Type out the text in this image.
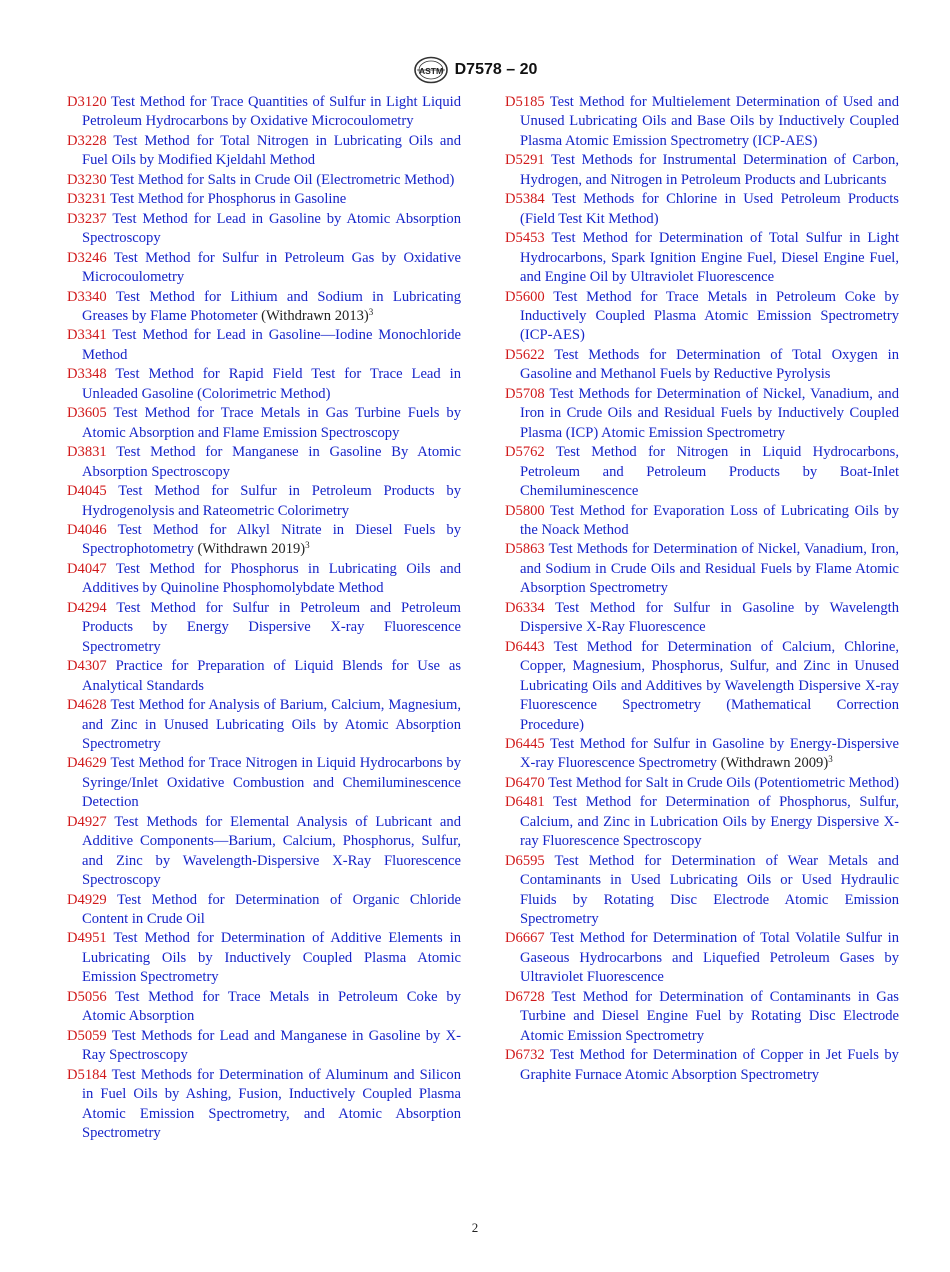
ASTM D7578 – 20
D3120 Test Method for Trace Quantities of Sulfur in Light Liquid Petroleum Hydrocarbons by Oxidative Microcoulometry
D3228 Test Method for Total Nitrogen in Lubricating Oils and Fuel Oils by Modified Kjeldahl Method
D3230 Test Method for Salts in Crude Oil (Electrometric Method)
D3231 Test Method for Phosphorus in Gasoline
D3237 Test Method for Lead in Gasoline by Atomic Absorption Spectroscopy
D3246 Test Method for Sulfur in Petroleum Gas by Oxidative Microcoulometry
D3340 Test Method for Lithium and Sodium in Lubricating Greases by Flame Photometer (Withdrawn 2013)$^3$
D3341 Test Method for Lead in Gasoline—Iodine Monochloride Method
D3348 Test Method for Rapid Field Test for Trace Lead in Unleaded Gasoline (Colorimetric Method)
D3605 Test Method for Trace Metals in Gas Turbine Fuels by Atomic Absorption and Flame Emission Spectroscopy
D3831 Test Method for Manganese in Gasoline By Atomic Absorption Spectroscopy
D4045 Test Method for Sulfur in Petroleum Products by Hydrogenolysis and Rateometric Colorimetry
D4046 Test Method for Alkyl Nitrate in Diesel Fuels by Spectrophotometry (Withdrawn 2019)$^3$
D4047 Test Method for Phosphorus in Lubricating Oils and Additives by Quinoline Phosphomolybdate Method
D4294 Test Method for Sulfur in Petroleum and Petroleum Products by Energy Dispersive X-ray Fluorescence Spectrometry
D4307 Practice for Preparation of Liquid Blends for Use as Analytical Standards
D4628 Test Method for Analysis of Barium, Calcium, Magnesium, and Zinc in Unused Lubricating Oils by Atomic Absorption Spectrometry
D4629 Test Method for Trace Nitrogen in Liquid Hydrocarbons by Syringe/Inlet Oxidative Combustion and Chemiluminescence Detection
D4927 Test Methods for Elemental Analysis of Lubricant and Additive Components—Barium, Calcium, Phosphorus, Sulfur, and Zinc by Wavelength-Dispersive X-Ray Fluorescence Spectroscopy
D4929 Test Method for Determination of Organic Chloride Content in Crude Oil
D4951 Test Method for Determination of Additive Elements in Lubricating Oils by Inductively Coupled Plasma Atomic Emission Spectrometry
D5056 Test Method for Trace Metals in Petroleum Coke by Atomic Absorption
D5059 Test Methods for Lead and Manganese in Gasoline by X-Ray Spectroscopy
D5184 Test Methods for Determination of Aluminum and Silicon in Fuel Oils by Ashing, Fusion, Inductively Coupled Plasma Atomic Emission Spectrometry, and Atomic Absorption Spectrometry
D5185 Test Method for Multielement Determination of Used and Unused Lubricating Oils and Base Oils by Inductively Coupled Plasma Atomic Emission Spectrometry (ICP-AES)
D5291 Test Methods for Instrumental Determination of Carbon, Hydrogen, and Nitrogen in Petroleum Products and Lubricants
D5384 Test Methods for Chlorine in Used Petroleum Products (Field Test Kit Method)
D5453 Test Method for Determination of Total Sulfur in Light Hydrocarbons, Spark Ignition Engine Fuel, Diesel Engine Fuel, and Engine Oil by Ultraviolet Fluorescence
D5600 Test Method for Trace Metals in Petroleum Coke by Inductively Coupled Plasma Atomic Emission Spectrometry (ICP-AES)
D5622 Test Methods for Determination of Total Oxygen in Gasoline and Methanol Fuels by Reductive Pyrolysis
D5708 Test Methods for Determination of Nickel, Vanadium, and Iron in Crude Oils and Residual Fuels by Inductively Coupled Plasma (ICP) Atomic Emission Spectrometry
D5762 Test Method for Nitrogen in Liquid Hydrocarbons, Petroleum and Petroleum Products by Boat-Inlet Chemiluminescence
D5800 Test Method for Evaporation Loss of Lubricating Oils by the Noack Method
D5863 Test Methods for Determination of Nickel, Vanadium, Iron, and Sodium in Crude Oils and Residual Fuels by Flame Atomic Absorption Spectrometry
D6334 Test Method for Sulfur in Gasoline by Wavelength Dispersive X-Ray Fluorescence
D6443 Test Method for Determination of Calcium, Chlorine, Copper, Magnesium, Phosphorus, Sulfur, and Zinc in Unused Lubricating Oils and Additives by Wavelength Dispersive X-ray Fluorescence Spectrometry (Mathematical Correction Procedure)
D6445 Test Method for Sulfur in Gasoline by Energy-Dispersive X-ray Fluorescence Spectrometry (Withdrawn 2009)$^3$
D6470 Test Method for Salt in Crude Oils (Potentiometric Method)
D6481 Test Method for Determination of Phosphorus, Sulfur, Calcium, and Zinc in Lubrication Oils by Energy Dispersive X-ray Fluorescence Spectroscopy
D6595 Test Method for Determination of Wear Metals and Contaminants in Used Lubricating Oils or Used Hydraulic Fluids by Rotating Disc Electrode Atomic Emission Spectrometry
D6667 Test Method for Determination of Total Volatile Sulfur in Gaseous Hydrocarbons and Liquefied Petroleum Gases by Ultraviolet Fluorescence
D6728 Test Method for Determination of Contaminants in Gas Turbine and Diesel Engine Fuel by Rotating Disc Electrode Atomic Emission Spectrometry
D6732 Test Method for Determination of Copper in Jet Fuels by Graphite Furnace Atomic Absorption Spectrometry
2
